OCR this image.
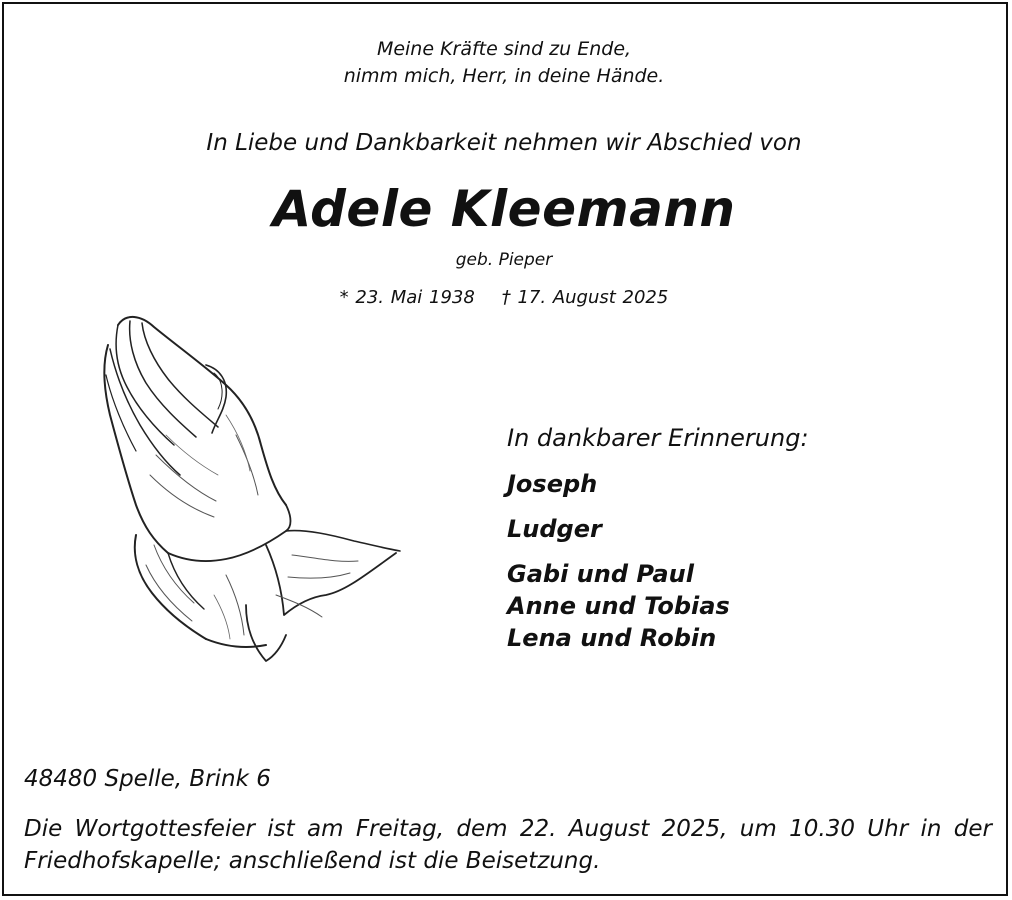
Meine Kräfte sind zu Ende,
nimm mich, Herr, in deine Hände.
In Liebe und Dankbarkeit nehmen wir Abschied von
Adele Kleemann
geb. Pieper
* 23. Mai 1938 † 17. August 2025
In dankbarer Erinnerung:
Joseph
Ludger
Gabi und Paul
Anne und Tobias
Lena und Robin
48480 Spelle, Brink 6
Die Wortgottesfeier ist am Freitag, dem 22. August 2025, um 10.30 Uhr in der Friedhofskapelle; anschließend ist die Beisetzung.
